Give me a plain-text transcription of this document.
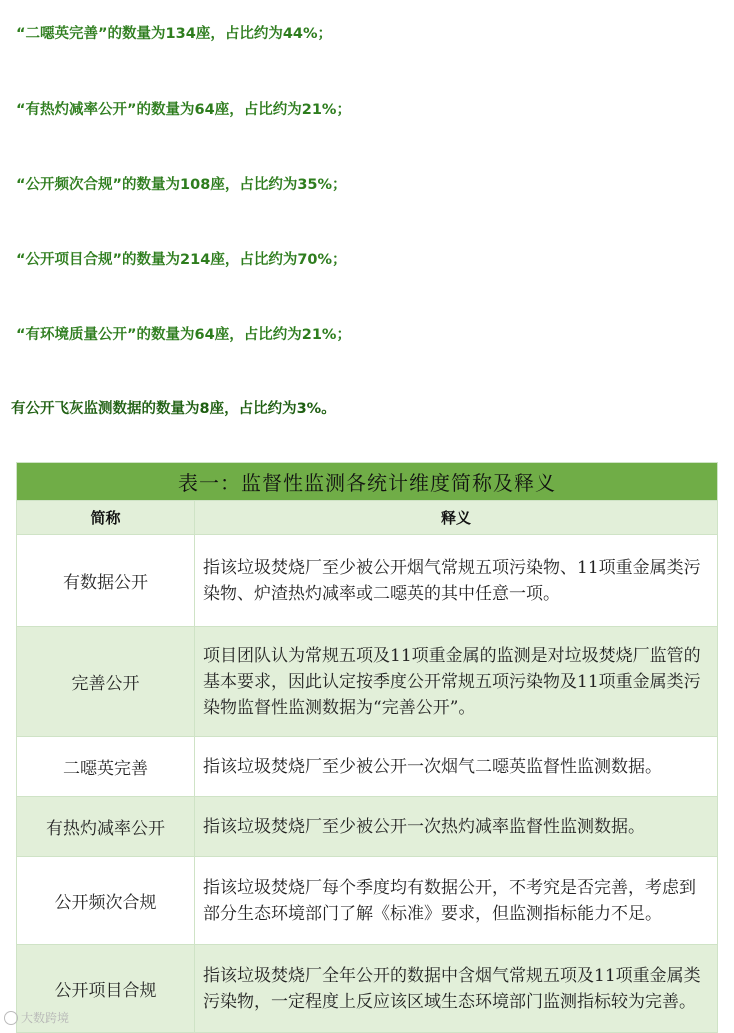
“二噁英完善”的数量为134座，占比约为44%；
“有热灼减率公开”的数量为64座，占比约为21%；
“公开频次合规”的数量为108座，占比约为35%；
“公开项目合规”的数量为214座，占比约为70%；
“有环境质量公开”的数量为64座，占比约为21%；
有公开飞灰监测数据的数量为8座，占比约为3%。
表一：监督性监测各统计维度简称及释义	
简称	释义
有数据公开	指该垃圾焚烧厂至少被公开烟气常规五项污染物、11项重金属类污染物、炉渣热灼减率或二噁英的其中任意一项。
完善公开	项目团队认为常规五项及11项重金属的监测是对垃圾焚烧厂监管的基本要求，因此认定按季度公开常规五项污染物及11项重金属类污染物监督性监测数据为“完善公开”。
二噁英完善	指该垃圾焚烧厂至少被公开一次烟气二噁英监督性监测数据。
有热灼减率公开	指该垃圾焚烧厂至少被公开一次热灼减率监督性监测数据。
公开频次合规	指该垃圾焚烧厂每个季度均有数据公开，不考究是否完善，考虑到部分生态环境部门了解《标准》要求，但监测指标能力不足。
公开项目合规	指该垃圾焚烧厂全年公开的数据中含烟气常规五项及11项重金属类污染物，一定程度上反应该区域生态环境部门监测指标较为完善。
大数跨境
